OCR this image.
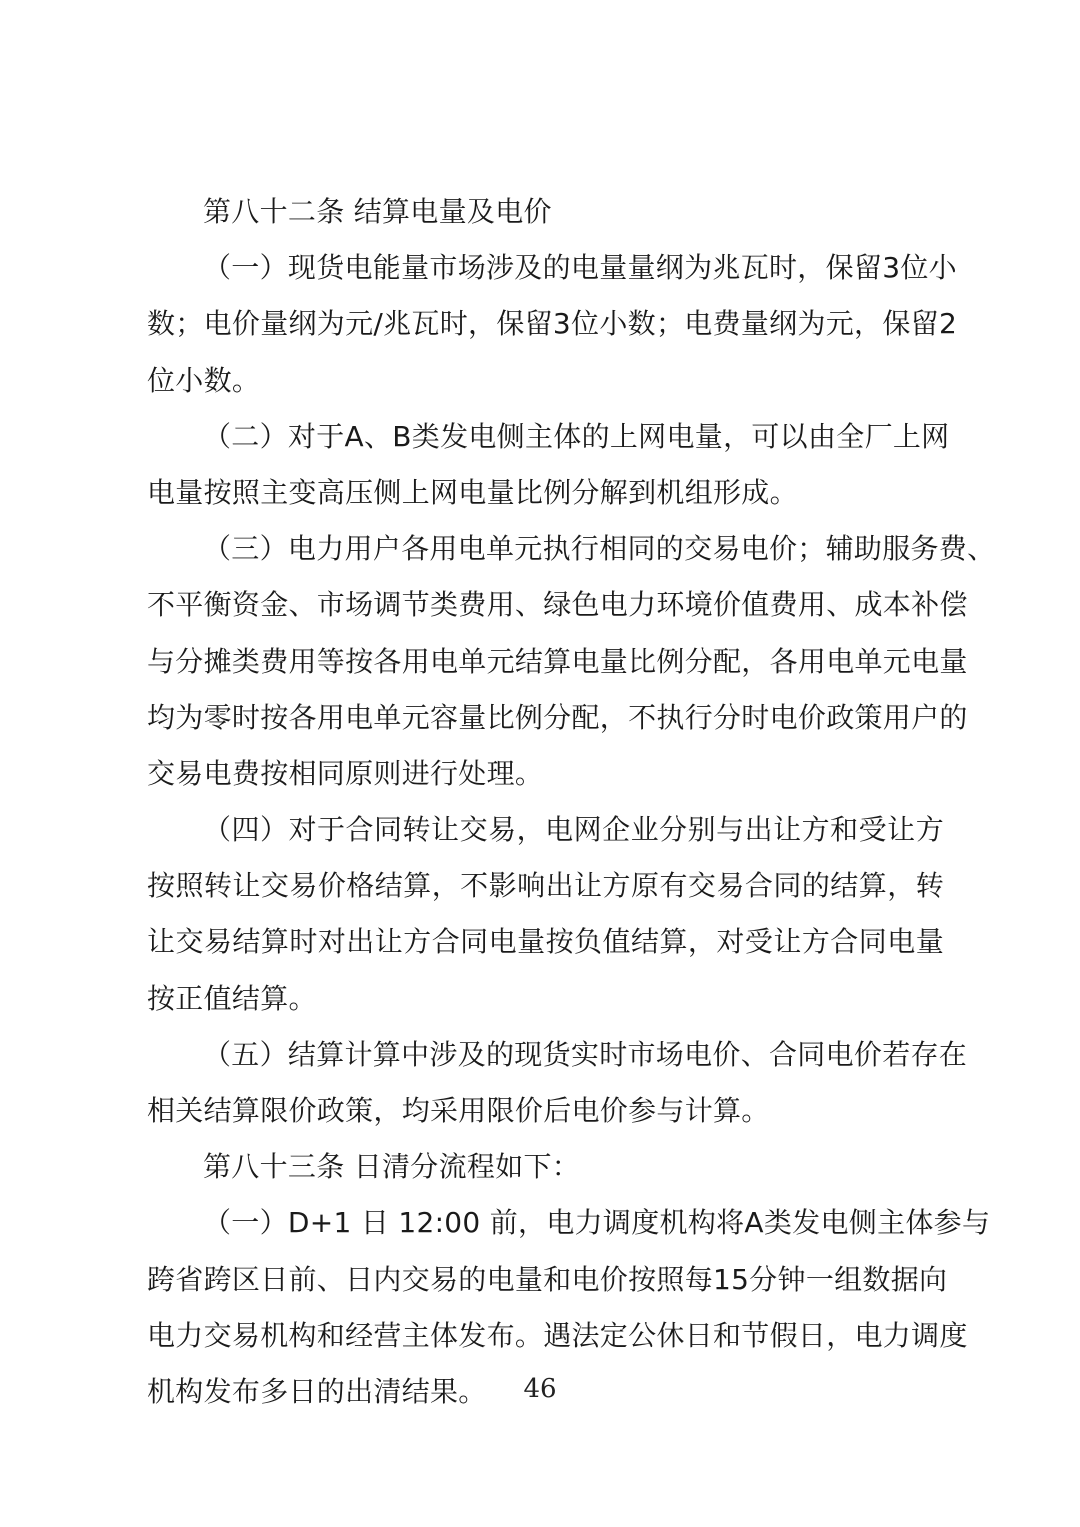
第八十二条 结算电量及电价
（一）现货电能量市场涉及的电量量纲为兆瓦时，保留3位小
数；电价量纲为元/兆瓦时，保留3位小数；电费量纲为元，保留2
位小数。
（二）对于A、B类发电侧主体的上网电量，可以由全厂上网
电量按照主变高压侧上网电量比例分解到机组形成。
（三）电力用户各用电单元执行相同的交易电价；辅助服务费、
不平衡资金、市场调节类费用、绿色电力环境价值费用、成本补偿
与分摊类费用等按各用电单元结算电量比例分配，各用电单元电量
均为零时按各用电单元容量比例分配，不执行分时电价政策用户的
交易电费按相同原则进行处理。
（四）对于合同转让交易，电网企业分别与出让方和受让方
按照转让交易价格结算，不影响出让方原有交易合同的结算，转
让交易结算时对出让方合同电量按负值结算，对受让方合同电量
按正值结算。
（五）结算计算中涉及的现货实时市场电价、合同电价若存在
相关结算限价政策，均采用限价后电价参与计算。
第八十三条 日清分流程如下：
（一）D+1 日 12:00 前，电力调度机构将A类发电侧主体参与
跨省跨区日前、日内交易的电量和电价按照每15分钟一组数据向
电力交易机构和经营主体发布。遇法定公休日和节假日，电力调度
机构发布多日的出清结果。	46
